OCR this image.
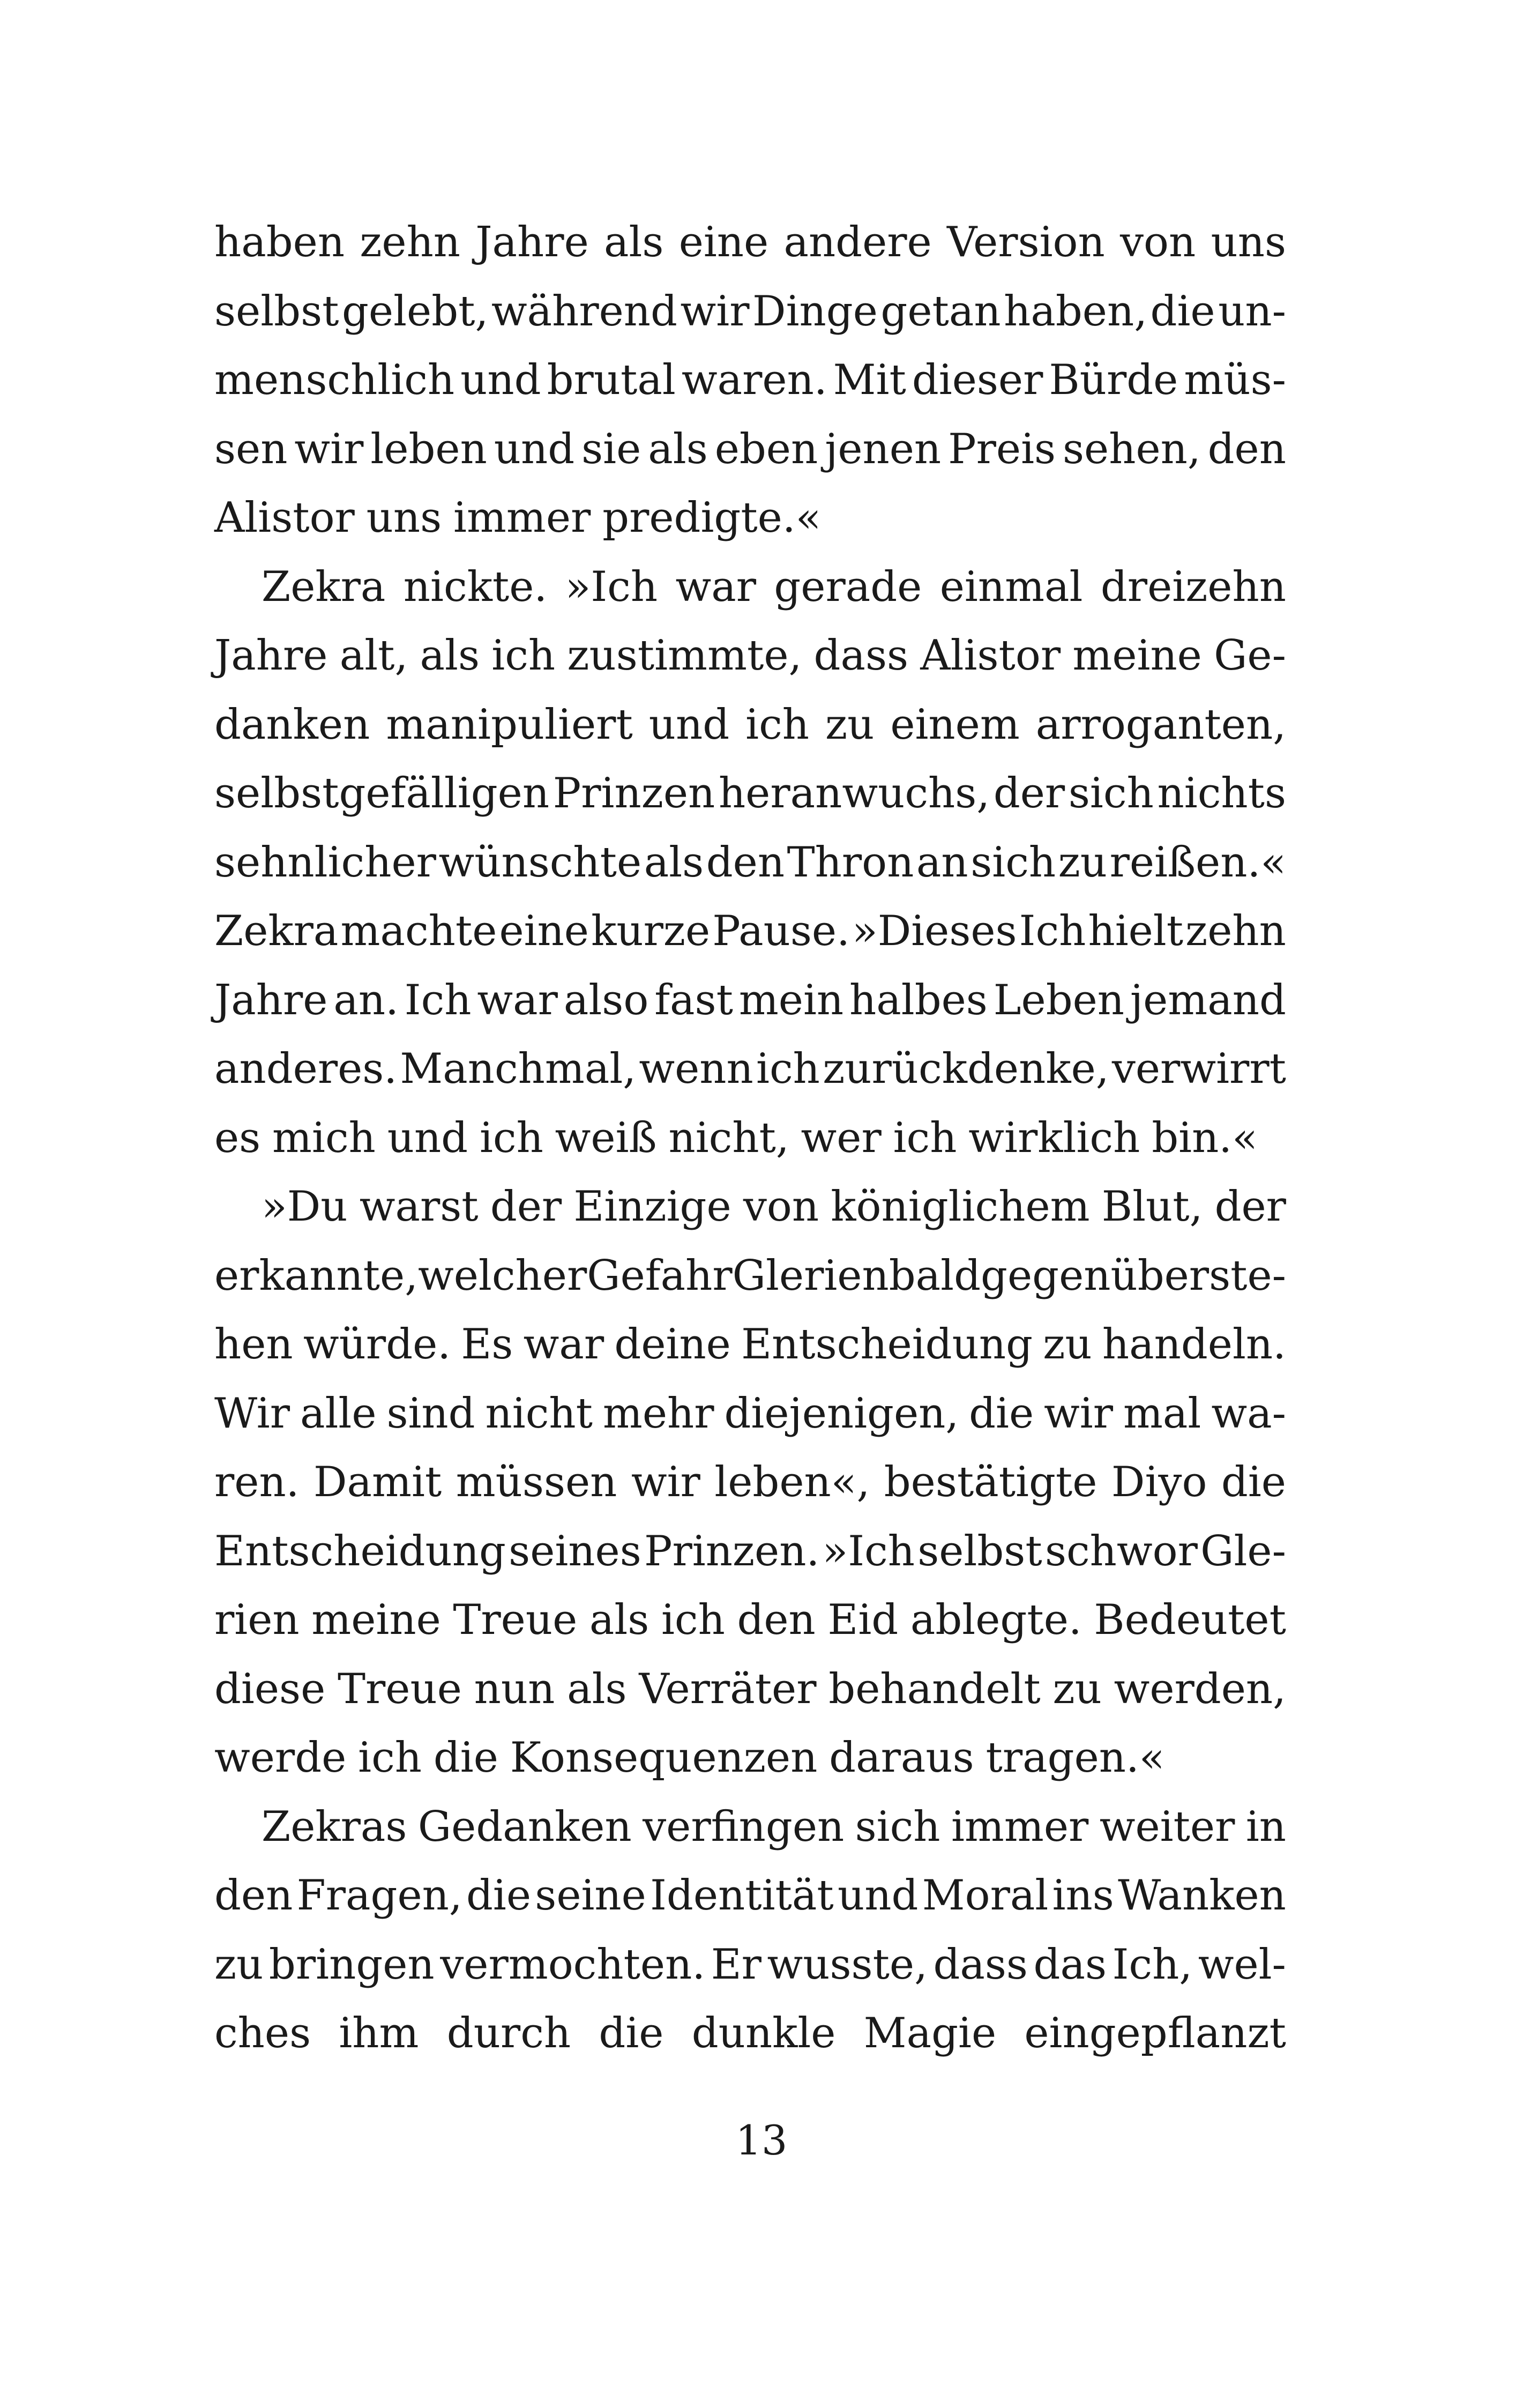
haben zehn Jahre als eine andere Version von uns
selbst gelebt, während wir Dinge getan haben, die un-
menschlich und brutal waren. Mit dieser Bürde müs-
sen wir leben und sie als eben jenen Preis sehen, den
Alistor uns immer predigte.«
Zekra nickte. »Ich war gerade einmal dreizehn
Jahre alt, als ich zustimmte, dass Alistor meine Ge-
danken manipuliert und ich zu einem arroganten,
selbstgefälligen Prinzen heranwuchs, der sich nichts
sehnlicher wünschte als den Thron an sich zu reißen.«
Zekra machte eine kurze Pause. »Dieses Ich hielt zehn
Jahre an. Ich war also fast mein halbes Leben jemand
anderes. Manchmal, wenn ich zurückdenke, verwirrt
es mich und ich weiß nicht, wer ich wirklich bin.«
»Du warst der Einzige von königlichem Blut, der
erkannte, welcher Gefahr Glerien bald gegenüberste-
hen würde. Es war deine Entscheidung zu handeln.
Wir alle sind nicht mehr diejenigen, die wir mal wa-
ren. Damit müssen wir leben«, bestätigte Diyo die
Entscheidung seines Prinzen. »Ich selbst schwor Gle-
rien meine Treue als ich den Eid ablegte. Bedeutet
diese Treue nun als Verräter behandelt zu werden,
werde ich die Konsequenzen daraus tragen.«
Zekras Gedanken verfingen sich immer weiter in
den Fragen, die seine Identität und Moral ins Wanken
zu bringen vermochten. Er wusste, dass das Ich, wel-
ches ihm durch die dunkle Magie eingepflanzt
13
